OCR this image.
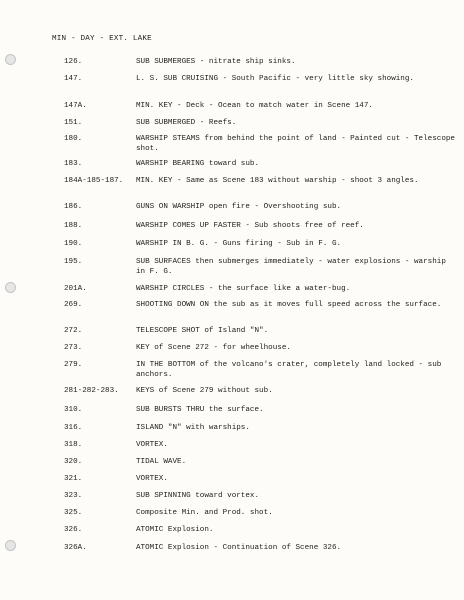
MIN - DAY - EXT. LAKE
126.	SUB SUBMERGES - nitrate ship sinks.
147.	L. S. SUB CRUISING - South Pacific - very little sky showing.
147A.	MIN. KEY - Deck - Ocean to match water in Scene 147.
151.	SUB SUBMERGED - Reefs.
180.	WARSHIP STEAMS from behind the point of land - Painted cut - Telescope shot.
183.	WARSHIP BEARING toward sub.
184A-185-187. MIN. KEY - Same as Scene 183 without warship - shoot 3 angles.
186.	GUNS ON WARSHIP open fire - Overshooting sub.
188.	WARSHIP COMES UP FASTER - Sub shoots free of reef.
190.	WARSHIP IN B. G. - Guns firing - Sub in F. G.
195.	SUB SURFACES then submerges immediately - water explosions - warship in F. G.
201A.	WARSHIP CIRCLES - the surface like a water-bug.
269.	SHOOTING DOWN ON the sub as it moves full speed across the surface.
272.	TELESCOPE SHOT of Island "N".
273.	KEY of Scene 272 - for wheelhouse.
279.	IN THE BOTTOM of the volcano's crater, completely land locked - sub anchors.
281-282-283. KEYS of Scene 279 without sub.
310.	SUB BURSTS THRU the surface.
316.	ISLAND "N" with warships.
318.	VORTEX.
320.	TIDAL WAVE.
321.	VORTEX.
323.	SUB SPINNING toward vortex.
325.	Composite Min. and Prod. shot.
326.	ATOMIC Explosion.
326A.	ATOMIC Explosion - Continuation of Scene 326.
